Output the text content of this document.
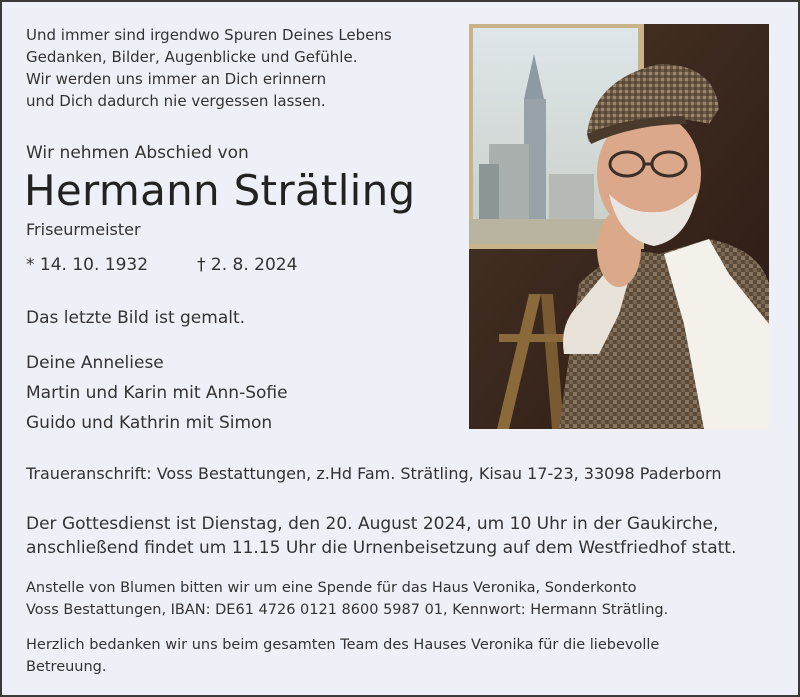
Und immer sind irgendwo Spuren Deines Lebens
Gedanken, Bilder, Augenblicke und Gefühle.
Wir werden uns immer an Dich erinnern
und Dich dadurch nie vergessen lassen.
Wir nehmen Abschied von
Hermann Strätling
Friseurmeister
* 14. 10. 1932	† 2. 8. 2024
Das letzte Bild ist gemalt.
Deine Anneliese
Martin und Karin mit Ann-Sofie
Guido und Kathrin mit Simon
Traueranschrift: Voss Bestattungen, z.Hd Fam. Strätling, Kisau 17-23, 33098 Paderborn
Der Gottesdienst ist Dienstag, den 20. August 2024, um 10 Uhr in der Gaukirche,
anschließend findet um 11.15 Uhr die Urnenbeisetzung auf dem Westfriedhof statt.
Anstelle von Blumen bitten wir um eine Spende für das Haus Veronika, Sonderkonto
Voss Bestattungen, IBAN: DE61 4726 0121 8600 5987 01, Kennwort: Hermann Strätling.
Herzlich bedanken wir uns beim gesamten Team des Hauses Veronika für die liebevolle
Betreuung.
